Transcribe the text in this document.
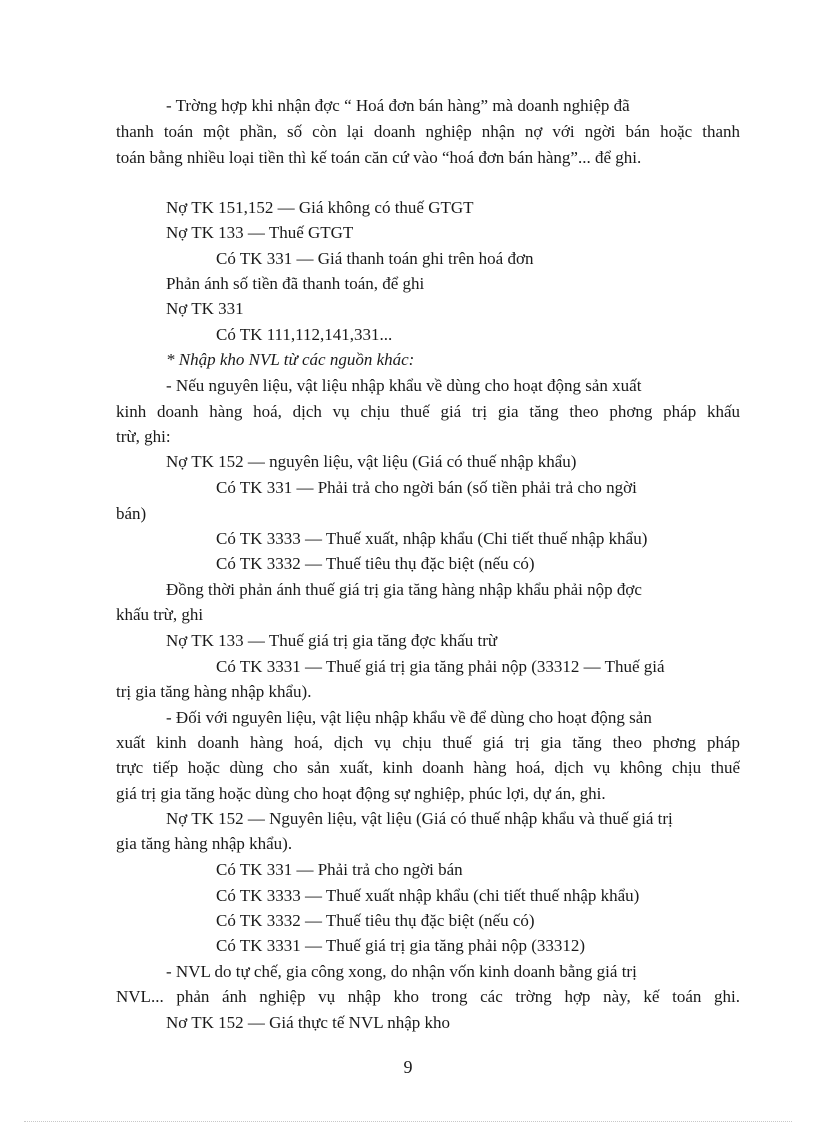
- Trờng hợp khi nhận đợc “ Hoá đơn bán hàng” mà doanh nghiệp đã
thanh toán một phần, số còn lại doanh nghiệp nhận nợ với ngời bán hoặc thanh
toán bằng nhiều loại tiền thì kế toán căn cứ vào “hoá đơn bán hàng”... để ghi.
Nợ TK 151,152 — Giá không có thuế GTGT
Nợ TK 133 — Thuế GTGT
Có TK 331 — Giá thanh toán ghi trên hoá đơn
Phản ánh số tiền đã thanh toán, để ghi
Nợ TK 331
Có TK 111,112,141,331...
* Nhập kho NVL từ các nguồn khác:
- Nếu nguyên liệu, vật liệu nhập khẩu về dùng cho hoạt động sản xuất
kinh doanh hàng hoá, dịch vụ chịu thuế giá trị gia tăng theo phơng pháp khấu
trừ, ghi:
Nợ TK 152 — nguyên liệu, vật liệu (Giá có thuế nhập khẩu)
Có TK 331 — Phải trả cho ngời bán (số tiền phải trả cho ngời
bán)
Có TK 3333 — Thuế xuất, nhập khẩu (Chi tiết thuế nhập khẩu)
Có TK 3332 — Thuế tiêu thụ đặc biệt (nếu có)
Đồng thời phản ánh thuế giá trị gia tăng hàng nhập khẩu phải nộp đợc
khấu trừ, ghi
Nợ TK 133 — Thuế giá trị gia tăng đợc khấu trừ
Có TK 3331 — Thuế giá trị gia tăng phải nộp (33312 — Thuế giá
trị gia tăng hàng nhập khẩu).
- Đối với nguyên liệu, vật liệu nhập khẩu về để dùng cho hoạt động sản
xuất kinh doanh hàng hoá, dịch vụ chịu thuế giá trị gia tăng theo phơng pháp
trực tiếp hoặc dùng cho sản xuất, kinh doanh hàng hoá, dịch vụ không chịu thuế
giá trị gia tăng hoặc dùng cho hoạt động sự nghiệp, phúc lợi, dự án, ghi.
Nợ TK 152 — Nguyên liệu, vật liệu (Giá có thuế nhập khẩu và thuế giá trị
gia tăng hàng nhập khẩu).
Có TK 331 — Phải trả cho ngời bán
Có TK 3333 — Thuế xuất nhập khẩu (chi tiết thuế nhập khẩu)
Có TK 3332 — Thuế tiêu thụ đặc biệt (nếu có)
Có TK 3331 — Thuế giá trị gia tăng phải nộp (33312)
- NVL do tự chế, gia công xong, do nhận vốn kinh doanh bằng giá trị
NVL... phản ánh nghiệp vụ nhập kho trong các trờng hợp này, kế toán ghi.
Nơ TK 152 — Giá thực tế NVL nhập kho
9
